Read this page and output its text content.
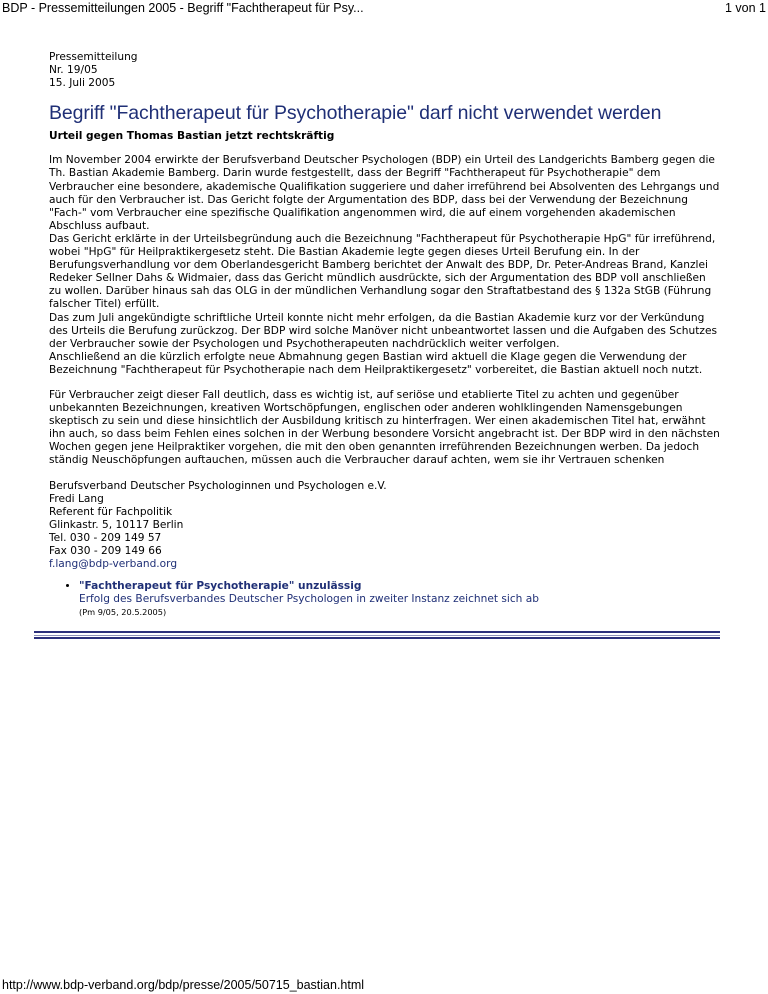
BDP - Pressemitteilungen 2005 - Begriff "Fachtherapeut für Psy...	1 von 1
Pressemitteilung
Nr. 19/05
15. Juli 2005
Begriff "Fachtherapeut für Psychotherapie" darf nicht verwendet werden
Urteil gegen Thomas Bastian jetzt rechtskräftig

Im November 2004 erwirkte der Berufsverband Deutscher Psychologen (BDP) ein Urteil des Landgerichts Bamberg gegen die Th. Bastian Akademie Bamberg. Darin wurde festgestellt, dass der Begriff "Fachtherapeut für Psychotherapie" dem Verbraucher eine besondere, akademische Qualifikation suggeriere und daher irreführend bei Absolventen des Lehrgangs und auch für den Verbraucher ist. Das Gericht folgte der Argumentation des BDP, dass bei der Verwendung der Bezeichnung "Fach-" vom Verbraucher eine spezifische Qualifikation angenommen wird, die auf einem vorgehenden akademischen Abschluss aufbaut.

Das Gericht erklärte in der Urteilsbegründung auch die Bezeichnung "Fachtherapeut für Psychotherapie HpG" für irreführend, wobei "HpG" für Heilpraktikergesetz steht. Die Bastian Akademie legte gegen dieses Urteil Berufung ein. In der Berufungsverhandlung vor dem Oberlandesgericht Bamberg berichtet der Anwalt des BDP, Dr. Peter-Andreas Brand, Kanzlei Redeker Sellner Dahs & Widmaier, dass das Gericht mündlich ausdrückte, sich der Argumentation des BDP voll anschließen zu wollen. Darüber hinaus sah das OLG in der mündlichen Verhandlung sogar den Straftatbestand des § 132a StGB (Führung falscher Titel) erfüllt.

Das zum Juli angekündigte schriftliche Urteil konnte nicht mehr erfolgen, da die Bastian Akademie kurz vor der Verkündung des Urteils die Berufung zurückzog. Der BDP wird solche Manöver nicht unbeantwortet lassen und die Aufgaben des Schutzes der Verbraucher sowie der Psychologen und Psychotherapeuten nachdrücklich weiter verfolgen.

Anschließend an die kürzlich erfolgte neue Abmahnung gegen Bastian wird aktuell die Klage gegen die Verwendung der Bezeichnung "Fachtherapeut für Psychotherapie nach dem Heilpraktikergesetz" vorbereitet, die Bastian aktuell noch nutzt.

Für Verbraucher zeigt dieser Fall deutlich, dass es wichtig ist, auf seriöse und etablierte Titel zu achten und gegenüber unbekannten Bezeichnungen, kreativen Wortschöpfungen, englischen oder anderen wohlklingenden Namensgebungen skeptisch zu sein und diese hinsichtlich der Ausbildung kritisch zu hinterfragen. Wer einen akademischen Titel hat, erwähnt ihn auch, so dass beim Fehlen eines solchen in der Werbung besondere Vorsicht angebracht ist. Der BDP wird in den nächsten Wochen gegen jene Heilpraktiker vorgehen, die mit den oben genannten irreführenden Bezeichnungen werben. Da jedoch ständig Neuschöpfungen auftauchen, müssen auch die Verbraucher darauf achten, wem sie ihr Vertrauen schenken

Berufsverband Deutscher Psychologinnen und Psychologen e.V.
Fredi Lang
Referent für Fachpolitik
Glinkastr. 5, 10117 Berlin
Tel. 030 - 209 149 57
Fax 030 - 209 149 66
f.lang@bdp-verband.org
• "Fachtherapeut für Psychotherapie" unzulässig
Erfolg des Berufsverbandes Deutscher Psychologen in zweiter Instanz zeichnet sich ab
(Pm 9/05, 20.5.2005)
http://www.bdp-verband.org/bdp/presse/2005/50715_bastian.html
